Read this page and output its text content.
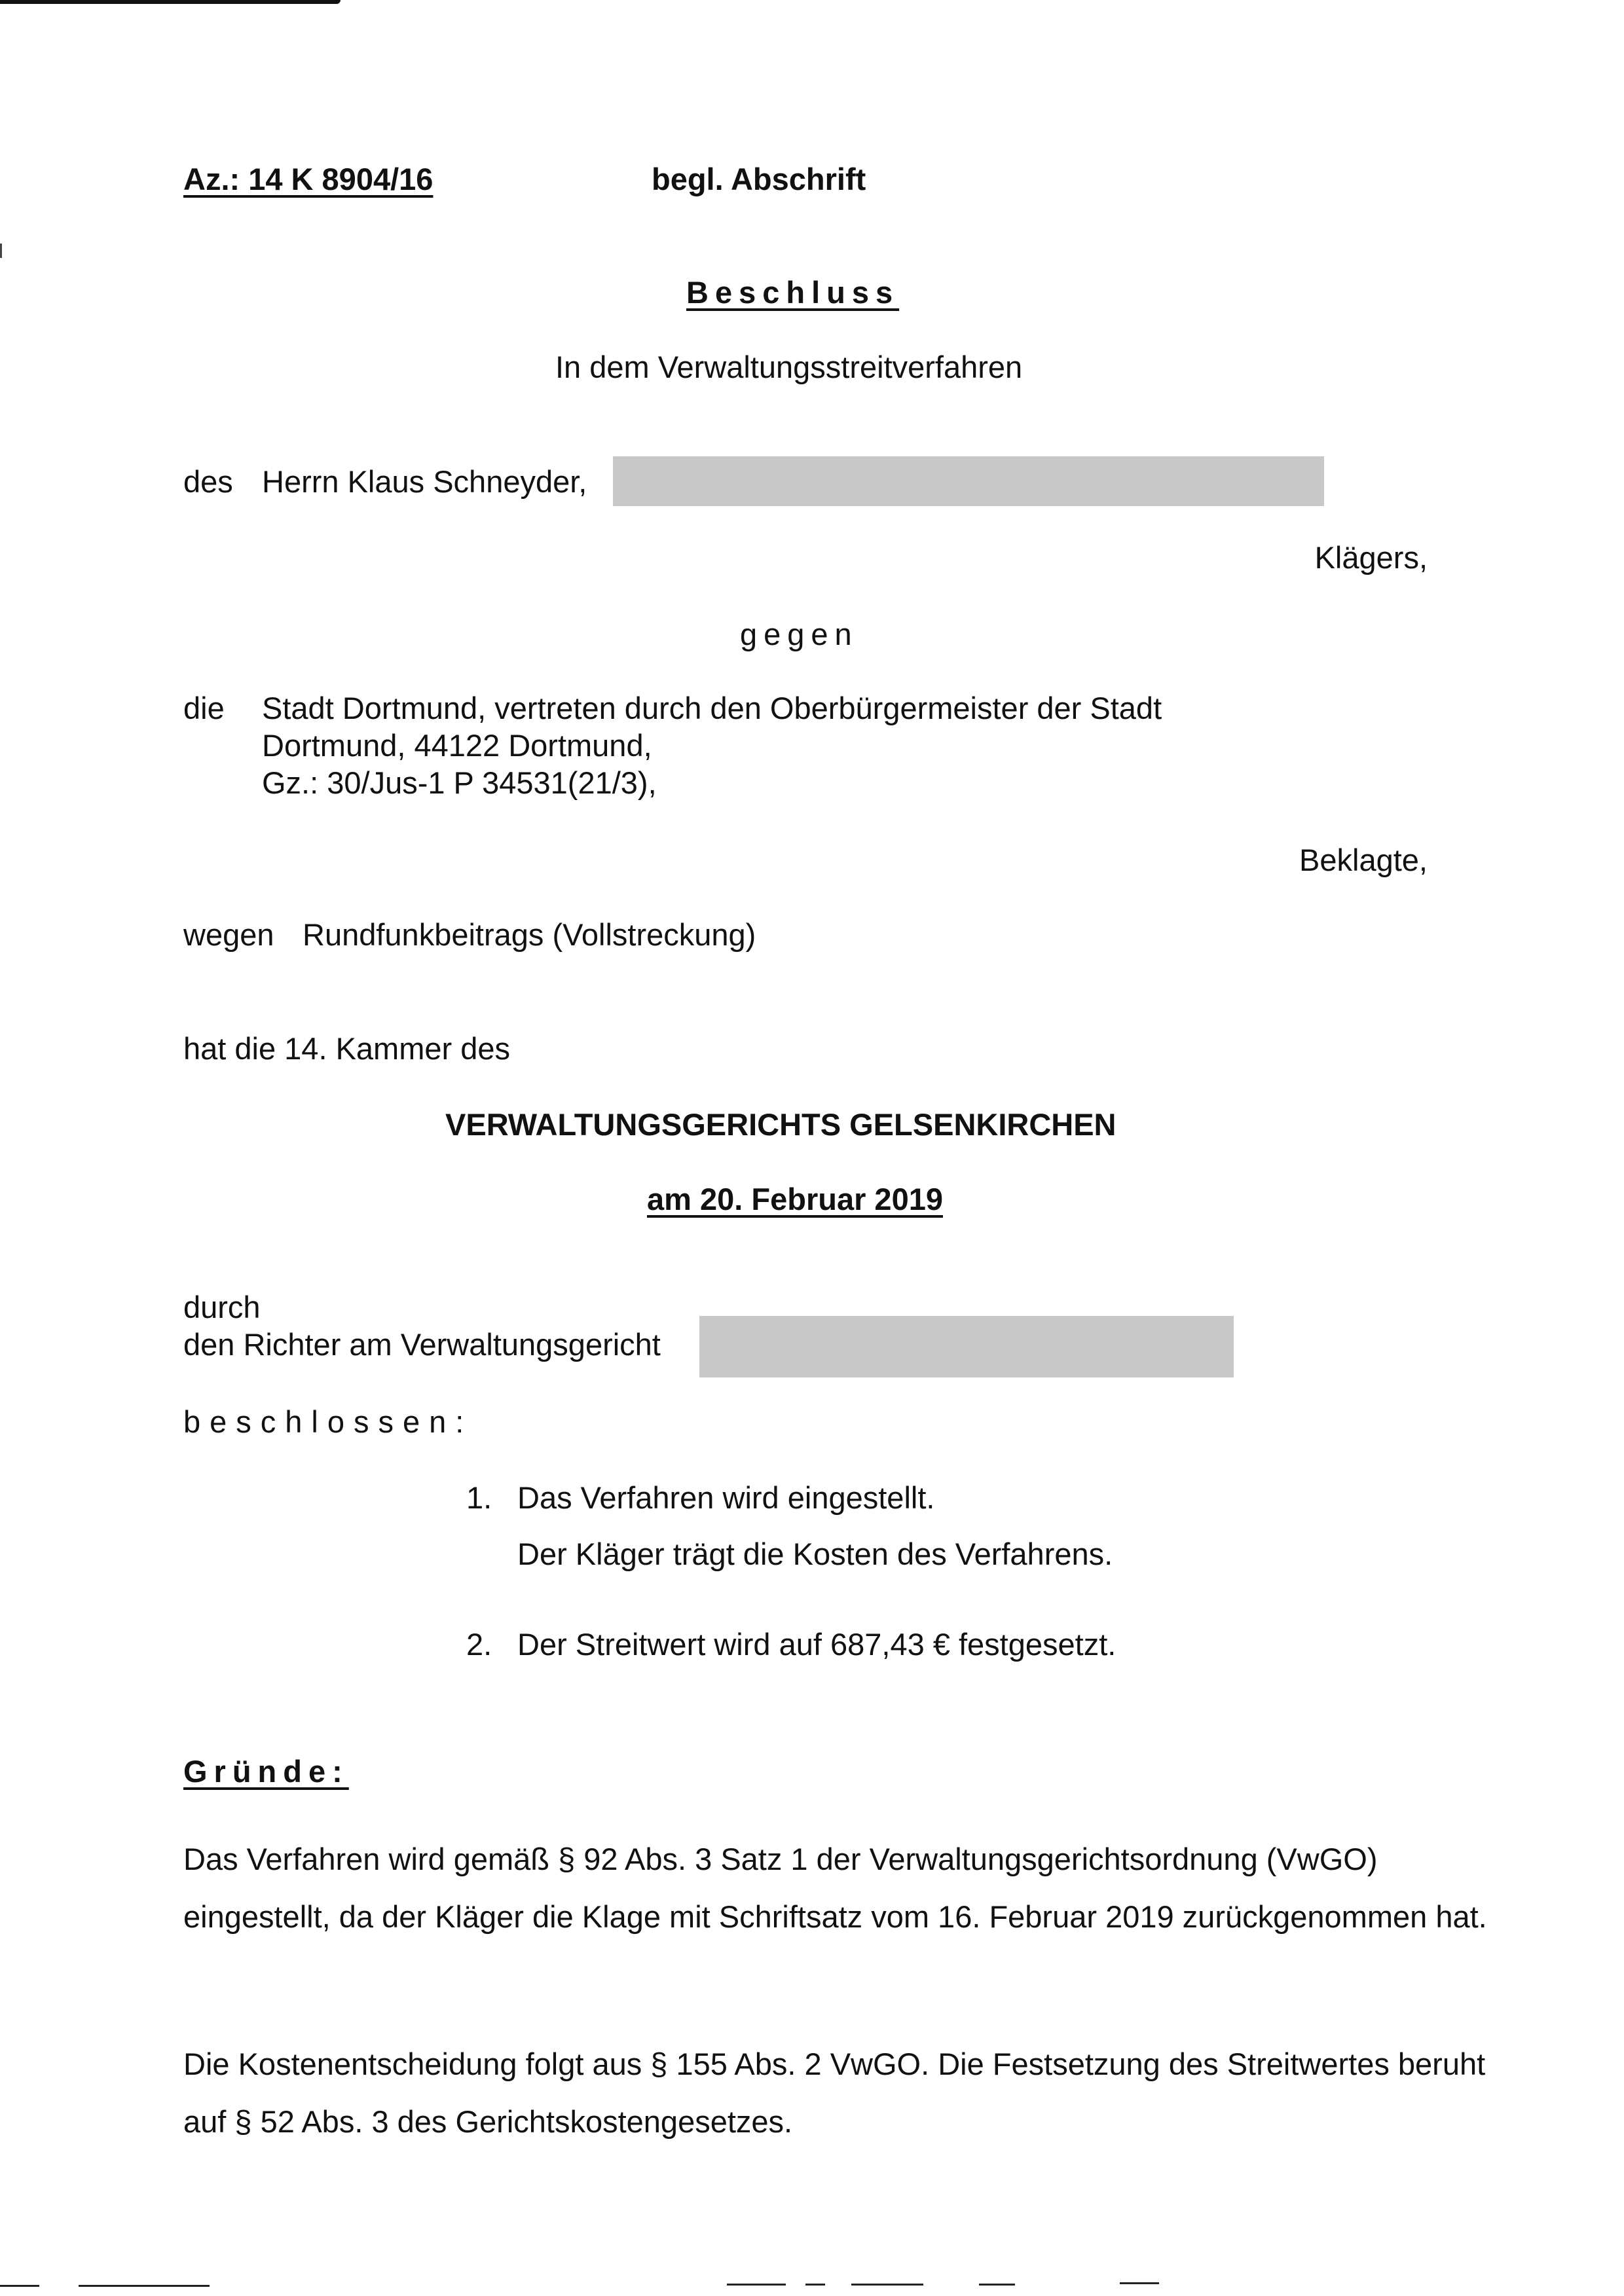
Az.: 14 K 8904/16	begl. Abschrift
Beschluss
In dem Verwaltungsstreitverfahren
des Herrn Klaus Schneyder,
Klägers,
gegen
die Stadt Dortmund, vertreten durch den Oberbürgermeister der Stadt
Dortmund, 44122 Dortmund,
Gz.: 30/Jus-1 P 34531(21/3),
Beklagte,
wegen Rundfunkbeitrags (Vollstreckung)
hat die 14. Kammer des
VERWALTUNGSGERICHTS GELSENKIRCHEN
am 20. Februar 2019
durch
den Richter am Verwaltungsgericht
beschlossen:
1. Das Verfahren wird eingestellt.
Der Kläger trägt die Kosten des Verfahrens.
2. Der Streitwert wird auf 687,43 € festgesetzt.
Gründe:
Das Verfahren wird gemäß § 92 Abs. 3 Satz 1 der Verwaltungsgerichtsordnung (VwGO) eingestellt, da der Kläger die Klage mit Schriftsatz vom 16. Februar 2019 zurückgenommen hat.
Die Kostenentscheidung folgt aus § 155 Abs. 2 VwGO. Die Festsetzung des Streitwertes beruht auf § 52 Abs. 3 des Gerichtskostengesetzes.
